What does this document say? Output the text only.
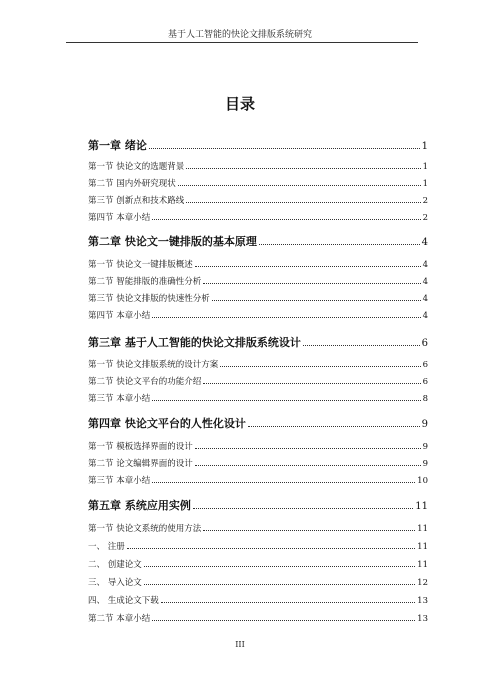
基于人工智能的快论文排版系统研究
目录
第一章 绪论	1
第一节 快论文的选题背景	1
第二节 国内外研究现状	1
第三节 创新点和技术路线	2
第四节 本章小结	2
第二章 快论文一键排版的基本原理	4
第一节 快论文一键排版概述	4
第二节 智能排版的准确性分析	4
第三节 快论文排版的快速性分析	4
第四节 本章小结	4
第三章 基于人工智能的快论文排版系统设计	6
第一节 快论文排版系统的设计方案	6
第二节 快论文平台的功能介绍	6
第三节 本章小结	8
第四章 快论文平台的人性化设计	9
第一节 模板选择界面的设计	9
第二节 论文编辑界面的设计	9
第三节 本章小结	10
第五章 系统应用实例	11
第一节 快论文系统的使用方法	11
一、 注册	11
二、 创建论文	11
三、 导入论文	12
四、 生成论文下载	13
第二节 本章小结	13
III
